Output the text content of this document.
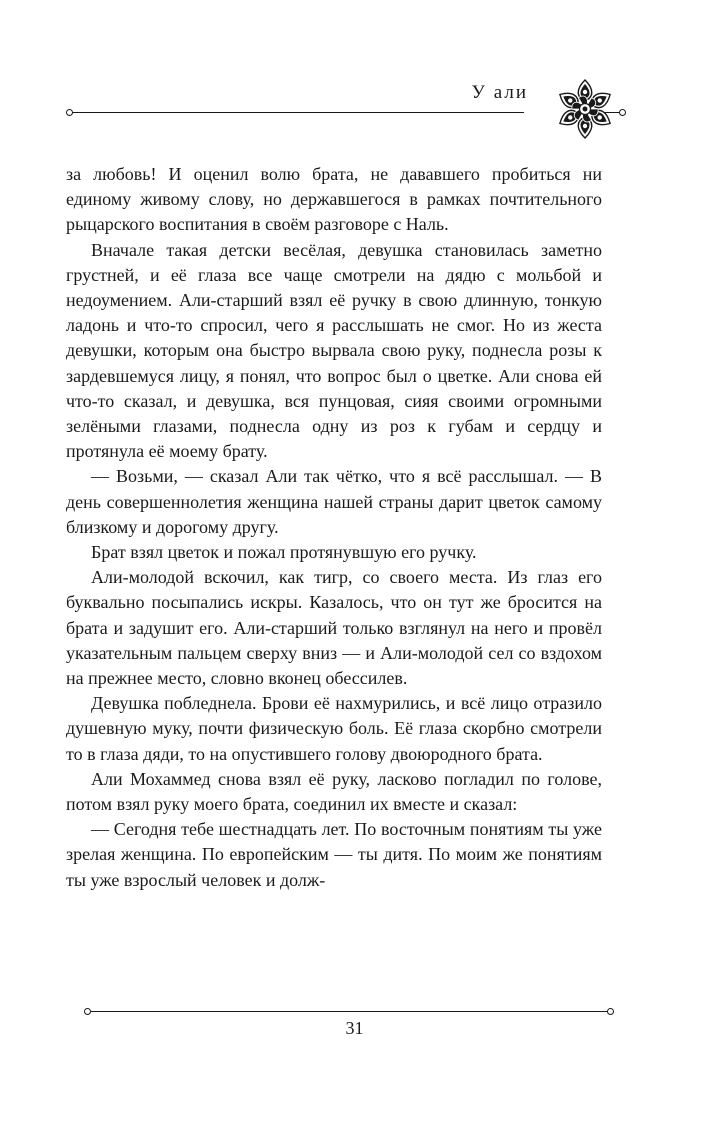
У али

за любовь! И оценил волю брата, не дававшего пробиться ни единому живому слову, но державшегося в рамках почтительного рыцарского воспитания в своём разговоре с Наль.

Вначале такая детски весёлая, девушка становилась заметно грустней, и её глаза все чаще смотрели на дядю с мольбой и недоумением. Али-старший взял её ручку в свою длинную, тонкую ладонь и что-то спросил, чего я расслышать не смог. Но из жеста девушки, которым она быстро вырвала свою руку, поднесла розы к зардевшемуся лицу, я понял, что вопрос был о цветке. Али снова ей что-то сказал, и девушка, вся пунцовая, сияя своими огромными зелёными глазами, поднесла одну из роз к губам и сердцу и протянула её моему брату.

— Возьми, — сказал Али так чётко, что я всё расслышал. — В день совершеннолетия женщина нашей страны дарит цветок самому близкому и дорогому другу.

Брат взял цветок и пожал протянувшую его ручку.

Али-молодой вскочил, как тигр, со своего места. Из глаз его буквально посыпались искры. Казалось, что он тут же бросится на брата и задушит его. Али-старший только взглянул на него и провёл указательным пальцем сверху вниз — и Али-молодой сел со вздохом на прежнее место, словно вконец обессилев.

Девушка побледнела. Брови её нахмурились, и всё лицо отразило душевную муку, почти физическую боль. Её глаза скорбно смотрели то в глаза дяди, то на опустившего голову двоюродного брата.

Али Мохаммед снова взял её руку, ласково погладил по голове, потом взял руку моего брата, соединил их вместе и сказал:

— Сегодня тебе шестнадцать лет. По восточным понятиям ты уже зрелая женщина. По европейским — ты дитя. По моим же понятиям ты уже взрослый человек и долж-

31
